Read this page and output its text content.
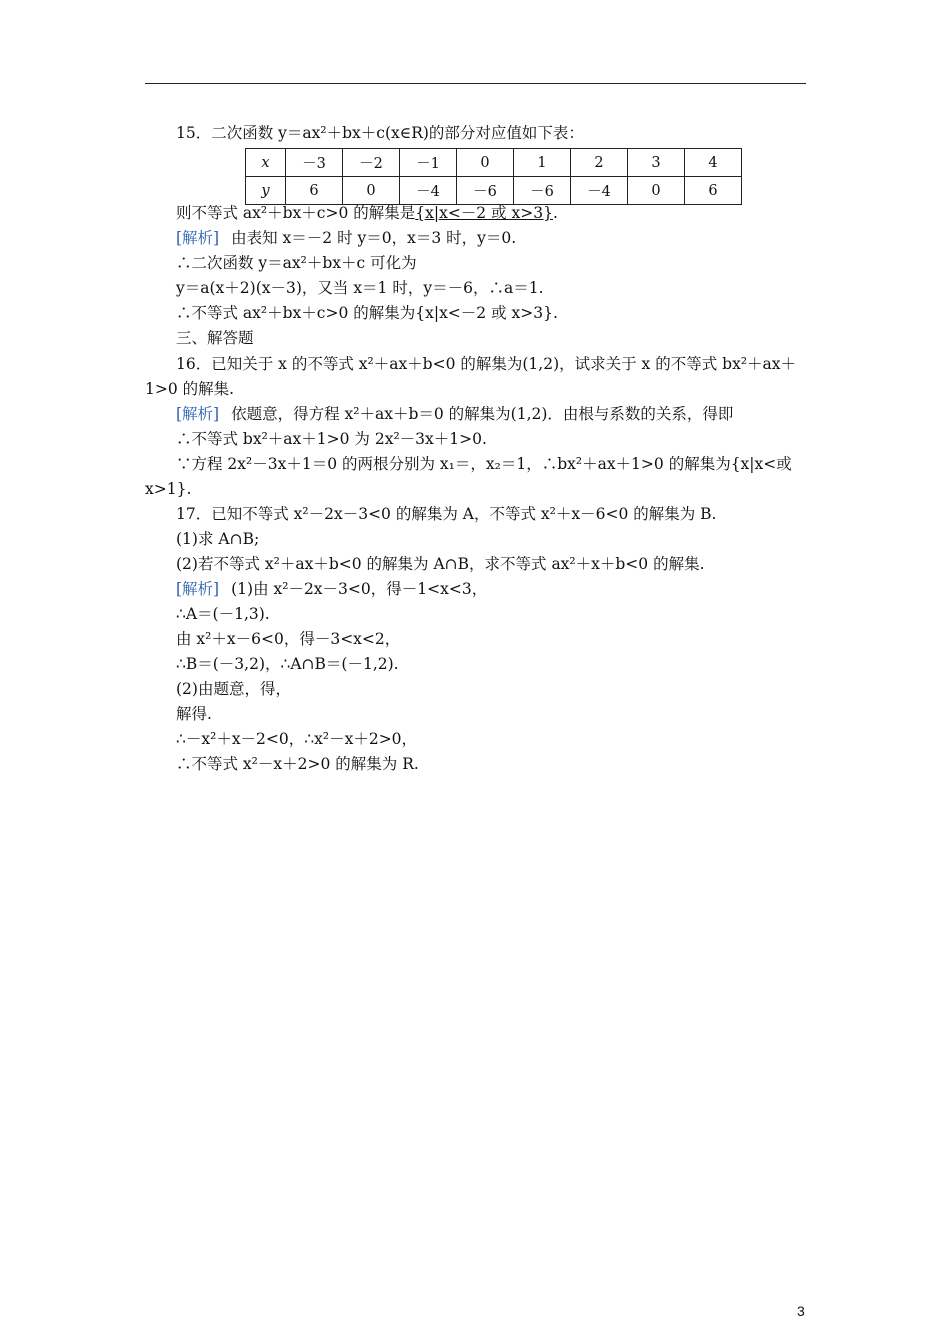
15．二次函数 y＝ax²＋bx＋c(x∈R)的部分对应值如下表：
x	－3	－2	－1	0	1	2	3	4
y	6	0	－4	－6	－6	－4	0	6
则不等式 ax²＋bx＋c>0 的解集是{x|x<－2 或 x>3}.
[解析] 由表知 x＝－2 时 y＝0，x＝3 时，y＝0.
∴二次函数 y＝ax²＋bx＋c 可化为
y＝a(x＋2)(x－3)，又当 x＝1 时，y＝－6，∴a＝1.
∴不等式 ax²＋bx＋c>0 的解集为{x|x<－2 或 x>3}.
三、解答题
16．已知关于 x 的不等式 x²＋ax＋b<0 的解集为(1,2)，试求关于 x 的不等式 bx²＋ax＋
1>0 的解集.
[解析] 依题意，得方程 x²＋ax＋b＝0 的解集为(1,2)．由根与系数的关系，得即
∴不等式 bx²＋ax＋1>0 为 2x²－3x＋1>0.
∵方程 2x²－3x＋1＝0 的两根分别为 x₁＝，x₂＝1，∴bx²＋ax＋1>0 的解集为{x|x<或
x>1}.
17．已知不等式 x²－2x－3<0 的解集为 A，不等式 x²＋x－6<0 的解集为 B.
(1)求 A∩B;
(2)若不等式 x²＋ax＋b<0 的解集为 A∩B，求不等式 ax²＋x＋b<0 的解集.
[解析] (1)由 x²－2x－3<0，得－1<x<3，
∴A＝(－1,3).
由 x²＋x－6<0，得－3<x<2，
∴B＝(－3,2)，∴A∩B＝(－1,2).
(2)由题意，得，
解得.
∴－x²＋x－2<0，∴x²－x＋2>0，
∴不等式 x²－x＋2>0 的解集为 R.
3
